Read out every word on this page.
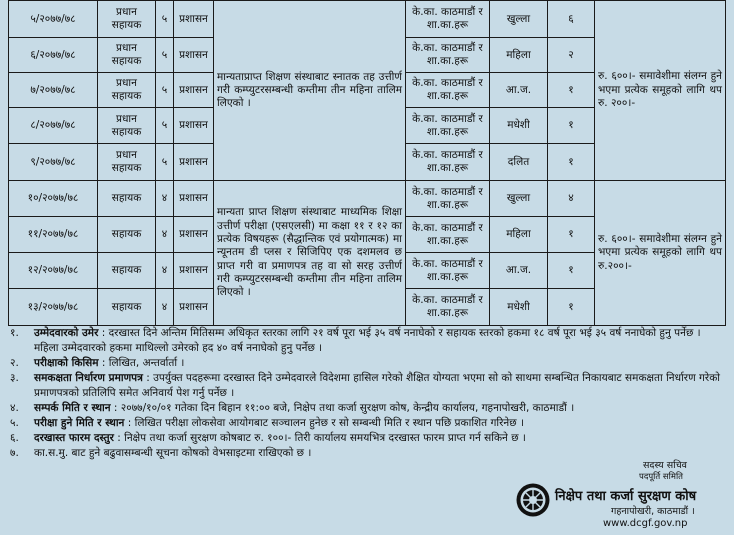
५/२०७७/७८	प्रधान सहायक	५	प्रशासन	मान्यताप्राप्त शिक्षण संस्थाबाट स्नातक तह उत्तीर्ण गरी कम्प्युटरसम्बन्धी कम्तीमा तीन महिना तालिम लिएको ।	के.का. काठमाडौं र शा.का.हरू	खुल्ला	६	रु. ६००।- समावेशीमा संलग्न हुने भएमा प्रत्येक समूहको लागि थप रु. २००।-
६/२०७७/७८	प्रधान सहायक	५	प्रशासन		के.का. काठमाडौं र शा.का.हरू	महिला	२	
७/२०७७/७८	प्रधान सहायक	५	प्रशासन		के.का. काठमाडौं र शा.का.हरू	आ.ज.	१	
८/२०७७/७८	प्रधान सहायक	५	प्रशासन		के.का. काठमाडौं र शा.का.हरू	मधेशी	१	
९/२०७७/७८	प्रधान सहायक	५	प्रशासन		के.का. काठमाडौं र शा.का.हरू	दलित	१	
१०/२०७७/७८	सहायक	४	प्रशासन	मान्यता प्राप्त शिक्षण संस्थाबाट माध्यमिक शिक्षा उत्तीर्ण परीक्षा (एसएलसी) मा कक्षा ११ र १२ का प्रत्येक विषयहरू (सैद्धान्तिक एवं प्रयोगात्मक) मा न्यूनतम डी प्लस र सिजिपिए एक दशमलव छ प्राप्त गरी वा प्रमाणपत्र तह वा सो सरह उत्तीर्ण गरी कम्प्युटरसम्बन्धी कम्तीमा तीन महिना तालिम लिएको ।	के.का. काठमाडौं र शा.का.हरू	खुल्ला	४	रु. ६००।- समावेशीमा संलग्न हुने भएमा प्रत्येक समूहको लागि थप रु.२००।-
११/२०७७/७८	सहायक	४	प्रशासन		के.का. काठमाडौं र शा.का.हरू	महिला	१	
१२/२०७७/७८	सहायक	४	प्रशासन		के.का. काठमाडौं र शा.का.हरू	आ.ज.	१	
१३/२०७७/७८	सहायक	४	प्रशासन		के.का. काठमाडौं र शा.का.हरू	मधेशी	१	
१.	उम्मेदवारको उमेर : दरखास्त दिने अन्तिम मितिसम्म अधिकृत स्तरका लागि २१ वर्ष पूरा भई ३५ वर्ष ननाघेको र सहायक स्तरको हकमा १८ वर्ष पूरा भई ३५ वर्ष ननाघेको हुनु पर्नेछ । महिला उम्मेदवारको हकमा माथिल्लो उमेरको हद ४० वर्ष ननाघेको हुनु पर्नेछ ।
२.	परीक्षाको किसिम : लिखित, अन्तर्वार्ता ।
३.	समकक्षता निर्धारण प्रमाणपत्र : उपर्युक्त पदहरूमा दरखास्त दिने उम्मेदवारले विदेशमा हासिल गरेको शैक्षित योग्यता भएमा सो को साथमा सम्बन्धित निकायबाट समकक्षता निर्धारण गरेको प्रमाणपत्रको प्रतिलिपि समेत अनिवार्य पेश गर्नु पर्नेछ ।
४.	सम्पर्क मिति र स्थान : २०७७/१०/०१ गतेका दिन बिहान ११:०० बजे, निक्षेप तथा कर्जा सुरक्षण कोष, केन्द्रीय कार्यालय, गहनापोखरी, काठमाडौं ।
५.	परीक्षा हुने मिति र स्थान : लिखित परीक्षा लोकसेवा आयोगबाट सञ्चालन हुनेछ र सो सम्बन्धी मिति र स्थान पछि प्रकाशित गरिनेछ ।
६.	दरखास्त फारम दस्तुर : निक्षेप तथा कर्जा सुरक्षण कोषबाट रु. १००।- तिरी कार्यालय समयभित्र दरखास्त फारम प्राप्त गर्न सकिने छ ।
७.	का.स.मु. बाट हुने बढुवासम्बन्धी सूचना कोषको वेभसाइटमा राखिएको छ ।
सदस्य सचिव
पदपूर्ति समिति
निक्षेप तथा कर्जा सुरक्षण कोष
गहनापोखरी, काठमाडौं ।
www.dcgf.gov.np
